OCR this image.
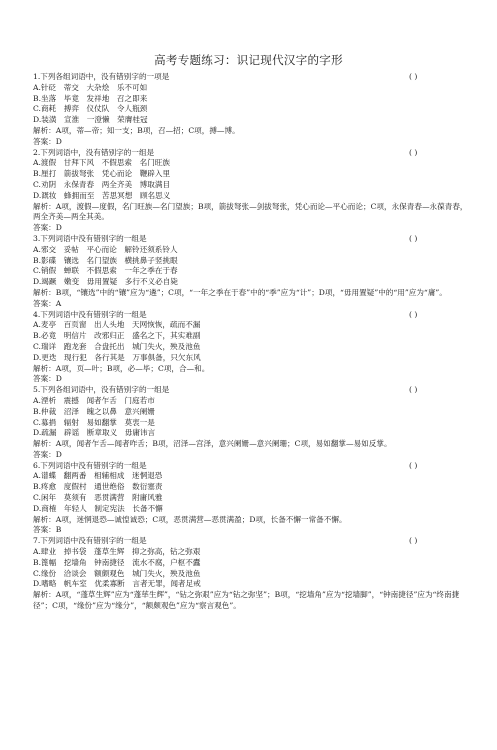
高考专题练习：识记现代汉字的字形
1.下列各组词语中，没有错别字的一项是	( )
A.针砭　蒂交　大杂烩　乐不可如
B.坐落　毕竟　发祥地　召之即来
C.商耗　搏弈　仪仗队　令人瓶颈
D.装潢　宣淮　一澄懒　荣膺桂冠
解析：A项，蒂—帝；知一支；B项，召—招；C项，搏—博。
答案：D
2.下列词语中，没有错别字的一组是	( )
A.渡假　甘拜下风　不假思索　名门旺族
B.厘打　箭拔弩张　凭心而论　鞭辟入里
C.劝阴　永保青春　两全齐美　博取满目
D.溉妆　蜂拥而至　苦思冥想　顾名思义
解析：A项，渡假—度假，名门旺族—名门望族；B项，箭拔弩张—剑拔弩张，凭心而论—平心而论；C项，永保青春—永葆青春，两全齐美—两全其美。
答案：D
3.下列词语中没有错别字的一组是	( )
A.邪交　妥帖　平心而论　解铃还须系铃人
B.影碟　镶选　名门望族　横挑鼻子竖挑眼
C.销假　蝉联　不假思索　一年之季在于春
D.竭蹶　嫩变　毋用置疑　多行不义必自毙
解析：B项，“镶选”中的“镶”应为“遴”；C项，“一年之季在于春”中的“季”应为“计”；D项，“毋用置疑”中的“用”应为“庸”。
答案：A
4.下列词语中没有错别字的一组是	( )
A.麦亭　百页窗　出人头地　天网恢恢，疏而不漏
B.必竟　明信片　改邪归正　盛名之下，其实难副
C.瑞详　跑龙套　合盘托出　城门失火，殃及池鱼
D.更迭　现行犯　各行其是　万事俱备，只欠东风
解析：A项，页—叶；B项，必—毕；C项，合—和。
答案：D
5.下列各组词语中，没有错别字的一组是	( )
A.湮析　震撼　闻者乍舌　门庭若市
B.仲裁　沼泽　魄之以鼻　意兴阑姗
C.募捐　辐射　易如翻掌　莫衷一是
D.疏漏　辟谣　断章取义　毋庸讳言
解析：A项，闻者乍舌—闻者咋舌；B项，沼泽—宫泽，意兴阑姗—意兴阑珊；C项，易如翻掌—易如反掌。
答案：D
6.下列词语中没有错别字的一组是	( )
A.谱蝶　翻两番　相辅相成　迷惘退恐
B.疼愈　度假村　通世绝俗　数衍塞责
C.闲年　莫须有　恶贯满营　附庸风雅
D.商榷　年轻人　制定宪法　长备不懈
解析：A项，迷惘退恐—诚惶诚恐；C项，恶贯满营—恶贯满盈；D项，长备不懈一常备不懈。
答案：B
7.下列词语中没有错别字的一组是	( )
A.肆业　掉书袋　蓬草生辉　抑之弥高，钻之弥艰
B.篦幅　挖墙角　钟南捷径　流水不腐，户枢不蠹
C.缘份　洽谈会　额颇观色　城门失火，殃及池鱼
D.嗜略　帆车室　优柔寡断　言者无罪，闻者足戒
解析：A项，“蓬草生辉”应为“蓬荜生辉”，“钻之弥艰”应为“钻之弥坚”；B项，“挖墙角”应为“挖墙脚”，“钟南捷径”应为“终南捷径”；C项，“缘份”应为“缘分”，“额颇观色”应为“察言观色”。
